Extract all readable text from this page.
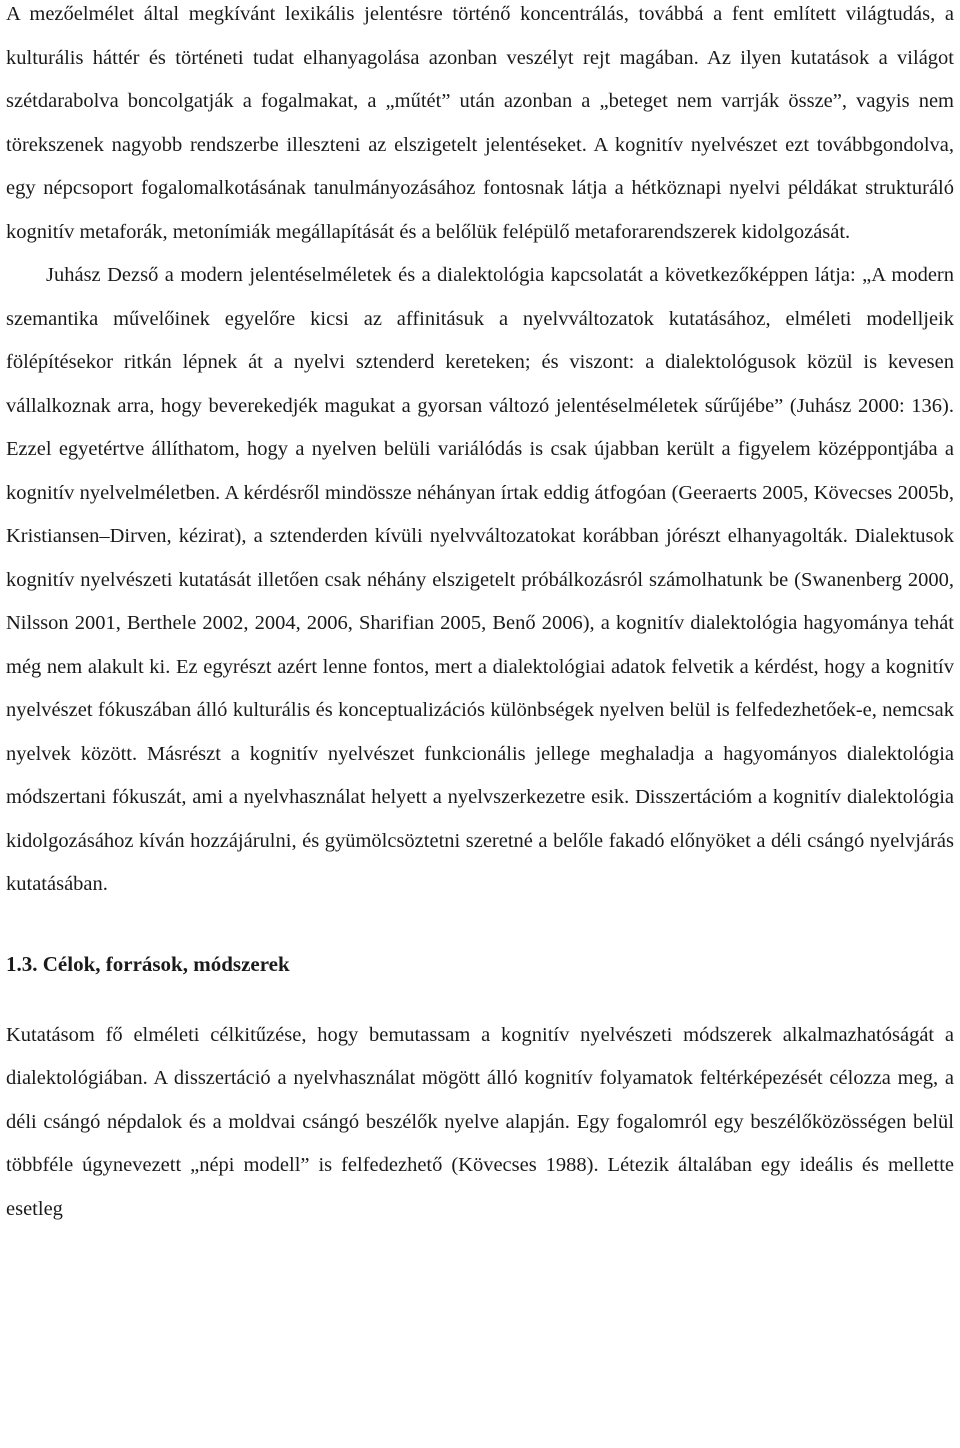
A mezőelmélet által megkívánt lexikális jelentésre történő koncentrálás, továbbá a fent említett világtudás, a kulturális háttér és történeti tudat elhanyagolása azonban veszélyt rejt magában. Az ilyen kutatások a világot szétdarabolva boncolgatják a fogalmakat, a „műtét” után azonban a „beteget nem varrják össze”, vagyis nem törekszenek nagyobb rendszerbe illeszteni az elszigetelt jelentéseket. A kognitív nyelvészet ezt továbbgondolva, egy népcsoport fogalomalkotásának tanulmányozásához fontosnak látja a hétköznapi nyelvi példákat strukturáló kognitív metaforák, metonímiák megállapítását és a belőlük felépülő metaforarendszerek kidolgozását.

Juhász Dezső a modern jelentéselméletek és a dialektológia kapcsolatát a következőképpen látja: „A modern szemantika művelőinek egyelőre kicsi az affinitásuk a nyelvváltozatok kutatásához, elméleti modelljeik fölépítésekor ritkán lépnek át a nyelvi sztenderd kereteken; és viszont: a dialektológusok közül is kevesen vállalkoznak arra, hogy beverekedjék magukat a gyorsan változó jelentéselméletek sűrűjébe” (Juhász 2000: 136). Ezzel egyetértve állíthatom, hogy a nyelven belüli variálódás is csak újabban került a figyelem középpontjába a kognitív nyelvelméletben. A kérdésről mindössze néhányan írtak eddig átfogóan (Geeraerts 2005, Kövecses 2005b, Kristiansen–Dirven, kézirat), a sztenderden kívüli nyelvváltozatokat korábban jórészt elhanyagolták. Dialektusok kognitív nyelvészeti kutatását illetően csak néhány elszigetelt próbálkozásról számolhatunk be (Swanenberg 2000, Nilsson 2001, Berthele 2002, 2004, 2006, Sharifian 2005, Benő 2006), a kognitív dialektológia hagyománya tehát még nem alakult ki. Ez egyrészt azért lenne fontos, mert a dialektológiai adatok felvetik a kérdést, hogy a kognitív nyelvészet fókuszában álló kulturális és konceptualizációs különbségek nyelven belül is felfedezhetőek-e, nemcsak nyelvek között. Másrészt a kognitív nyelvészet funkcionális jellege meghaladja a hagyományos dialektológia módszertani fókuszát, ami a nyelvhasználat helyett a nyelvszerkezetre esik. Disszertációm a kognitív dialektológia kidolgozásához kíván hozzájárulni, és gyümölcsöztetni szeretné a belőle fakadó előnyöket a déli csángó nyelvjárás kutatásában.

1.3. Célok, források, módszerek

Kutatásom fő elméleti célkitűzése, hogy bemutassam a kognitív nyelvészeti módszerek alkalmazhatóságát a dialektológiában. A disszertáció a nyelvhasználat mögött álló kognitív folyamatok feltérképezését célozza meg, a déli csángó népdalok és a moldvai csángó beszélők nyelve alapján. Egy fogalomról egy beszélőközösségen belül többféle úgynevezett „népi modell” is felfedezhető (Kövecses 1988). Létezik általában egy ideális és mellette esetleg
